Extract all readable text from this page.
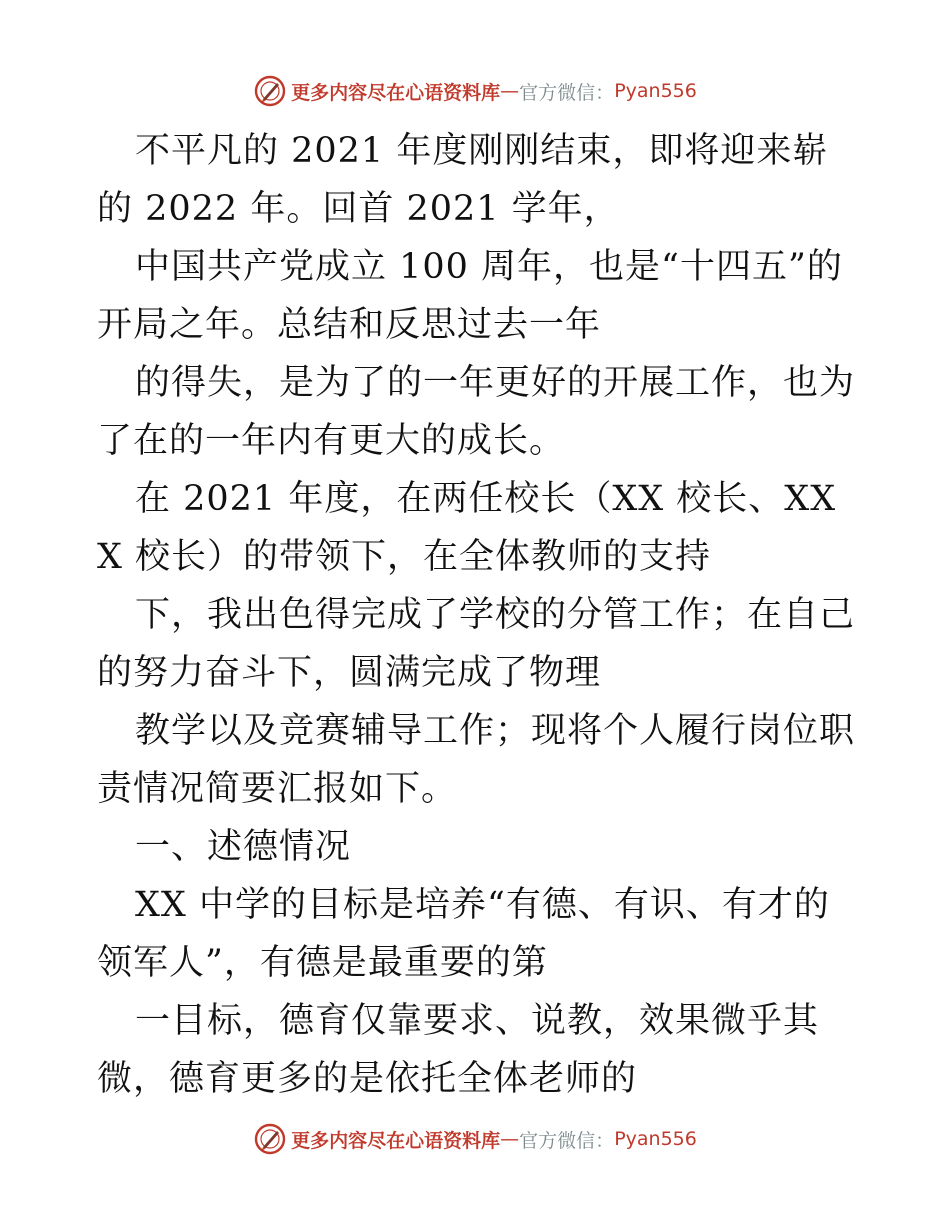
更多内容尽在心语资料库 — 官方微信： Pyan556

不平凡的 2021 年度刚刚结束，即将迎来崭的 2022 年。回首 2021 学年，

中国共产党成立 100 周年，也是“十四五”的开局之年。总结和反思过去一年

的得失，是为了的一年更好的开展工作，也为了在的一年内有更大的成长。

在 2021 年度，在两任校长（XX 校长、XXX 校长）的带领下，在全体教师的支持

下，我出色得完成了学校的分管工作；在自己的努力奋斗下，圆满完成了物理

教学以及竞赛辅导工作；现将个人履行岗位职责情况简要汇报如下。

一、述德情况

XX 中学的目标是培养“有德、有识、有才的领军人”，有德是最重要的第

一目标，德育仅靠要求、说教，效果微乎其微，德育更多的是依托全体老师的

更多内容尽在心语资料库 — 官方微信： Pyan556
